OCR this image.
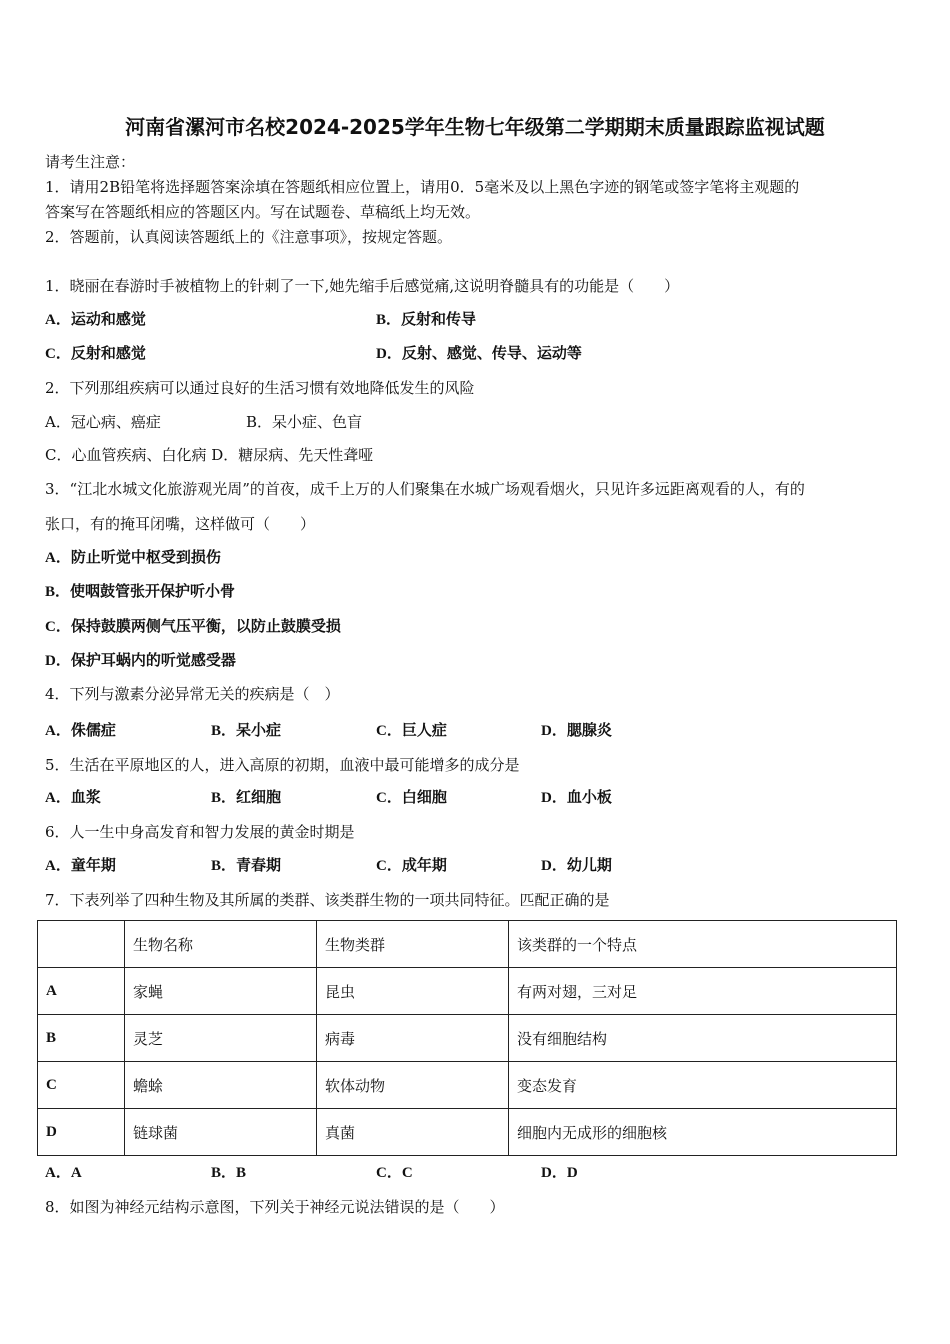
河南省漯河市名校2024-2025学年生物七年级第二学期期末质量跟踪监视试题
请考生注意：
1．请用2B铅笔将选择题答案涂填在答题纸相应位置上，请用0．5毫米及以上黑色字迹的钢笔或签字笔将主观题的
答案写在答题纸相应的答题区内。写在试题卷、草稿纸上均无效。
2．答题前，认真阅读答题纸上的《注意事项》，按规定答题。
1．晓丽在春游时手被植物上的针刺了一下,她先缩手后感觉痛,这说明脊髓具有的功能是（　　）
A．运动和感觉	B．反射和传导
C．反射和感觉	D．反射、感觉、传导、运动等
2．下列那组疾病可以通过良好的生活习惯有效地降低发生的风险
A．冠心病、癌症	B．呆小症、色盲
C．心血管疾病、白化病 D．糖尿病、先天性聋哑
3．“江北水城文化旅游观光周”的首夜，成千上万的人们聚集在水城广场观看烟火，只见许多远距离观看的人，有的
张口，有的掩耳闭嘴，这样做可（　　）
A．防止听觉中枢受到损伤
B．使咽鼓管张开保护听小骨
C．保持鼓膜两侧气压平衡，以防止鼓膜受损
D．保护耳蜗内的听觉感受器
4．下列与激素分泌异常无关的疾病是（　）
A．侏儒症	B．呆小症	C．巨人症	D．腮腺炎
5．生活在平原地区的人，进入高原的初期，血液中最可能增多的成分是
A．血浆	B．红细胞	C．白细胞	D．血小板
6．人一生中身高发育和智力发展的黄金时期是
A．童年期	B．青春期	C．成年期	D．幼儿期
7．下表列举了四种生物及其所属的类群、该类群生物的一项共同特征。匹配正确的是
	生物名称	生物类群	该类群的一个特点
A	家蝇	昆虫	有两对翅，三对足
B	灵芝	病毒	没有细胞结构
C	蟾蜍	软体动物	变态发育
D	链球菌	真菌	细胞内无成形的细胞核
A．A	B．B	C．C	D．D
8．如图为神经元结构示意图，下列关于神经元说法错误的是（　　）
